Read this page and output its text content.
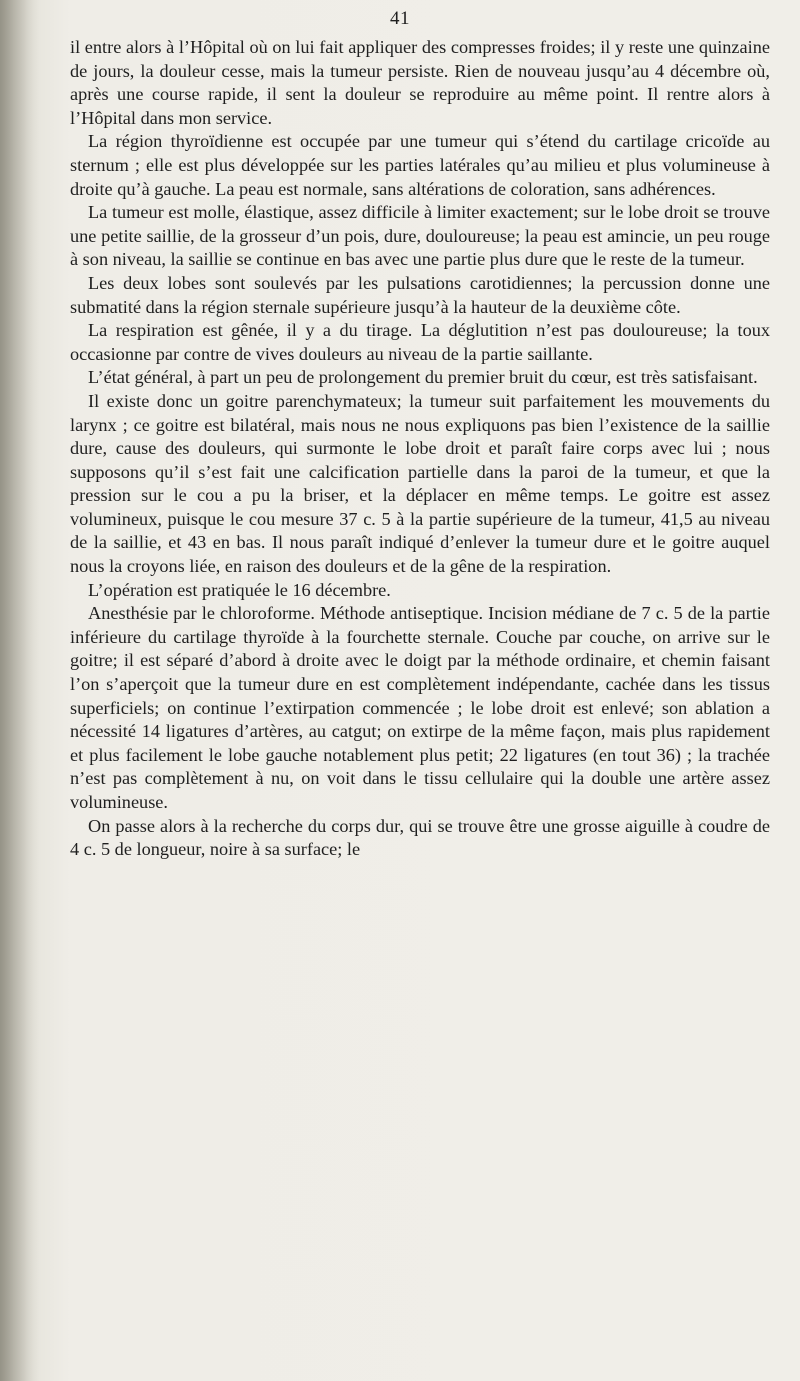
41

il entre alors à l’Hôpital où on lui fait appliquer des compresses froides; il y reste une quinzaine de jours, la douleur cesse, mais la tumeur persiste. Rien de nouveau jusqu’au 4 décembre où, après une course rapide, il sent la douleur se reproduire au même point. Il rentre alors à l’Hôpital dans mon service.

La région thyroïdienne est occupée par une tumeur qui s’étend du cartilage cricoïde au sternum ; elle est plus développée sur les parties latérales qu’au milieu et plus volumineuse à droite qu’à gauche. La peau est normale, sans altérations de coloration, sans adhérences.

La tumeur est molle, élastique, assez difficile à limiter exactement; sur le lobe droit se trouve une petite saillie, de la grosseur d’un pois, dure, douloureuse; la peau est amincie, un peu rouge à son niveau, la saillie se continue en bas avec une partie plus dure que le reste de la tumeur.

Les deux lobes sont soulevés par les pulsations carotidiennes; la percussion donne une submatité dans la région sternale supérieure jusqu’à la hauteur de la deuxième côte.

La respiration est gênée, il y a du tirage. La déglutition n’est pas douloureuse; la toux occasionne par contre de vives douleurs au niveau de la partie saillante.

L’état général, à part un peu de prolongement du premier bruit du cœur, est très satisfaisant.

Il existe donc un goitre parenchymateux; la tumeur suit parfaitement les mouvements du larynx ; ce goitre est bilatéral, mais nous ne nous expliquons pas bien l’existence de la saillie dure, cause des douleurs, qui surmonte le lobe droit et paraît faire corps avec lui ; nous supposons qu’il s’est fait une calcification partielle dans la paroi de la tumeur, et que la pression sur le cou a pu la briser, et la déplacer en même temps. Le goitre est assez volumineux, puisque le cou mesure 37 c. 5 à la partie supérieure de la tumeur, 41,5 au niveau de la saillie, et 43 en bas. Il nous paraît indiqué d’enlever la tumeur dure et le goitre auquel nous la croyons liée, en raison des douleurs et de la gêne de la respiration.

L’opération est pratiquée le 16 décembre.

Anesthésie par le chloroforme. Méthode antiseptique. Incision médiane de 7 c. 5 de la partie inférieure du cartilage thyroïde à la fourchette sternale. Couche par couche, on arrive sur le goitre; il est séparé d’abord à droite avec le doigt par la méthode ordinaire, et chemin faisant l’on s’aperçoit que la tumeur dure en est complètement indépendante, cachée dans les tissus superficiels; on continue l’extirpation commencée ; le lobe droit est enlevé; son ablation a nécessité 14 ligatures d’artères, au catgut; on extirpe de la même façon, mais plus rapidement et plus facilement le lobe gauche notablement plus petit; 22 ligatures (en tout 36) ; la trachée n’est pas complètement à nu, on voit dans le tissu cellulaire qui la double une artère assez volumineuse.

On passe alors à la recherche du corps dur, qui se trouve être une grosse aiguille à coudre de 4 c. 5 de longueur, noire à sa surface; le
